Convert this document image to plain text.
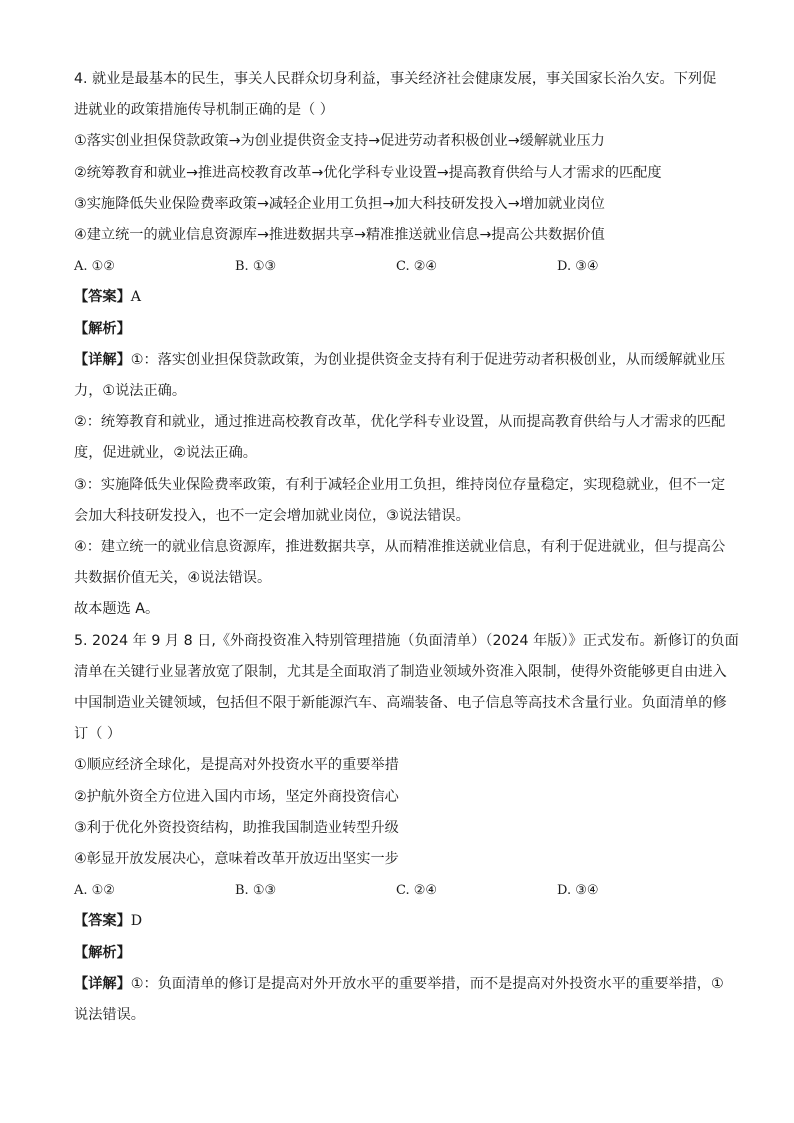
4. 就业是最基本的民生，事关人民群众切身利益，事关经济社会健康发展，事关国家长治久安。下列促

进就业的政策措施传导机制正确的是（ ）

①落实创业担保贷款政策→为创业提供资金支持→促进劳动者积极创业→缓解就业压力

②统筹教育和就业→推进高校教育改革→优化学科专业设置→提高教育供给与人才需求的匹配度

③实施降低失业保险费率政策→减轻企业用工负担→加大科技研发投入→增加就业岗位

④建立统一的就业信息资源库→推进数据共享→精准推送就业信息→提高公共数据价值

A. ①②	B. ①③	C. ②④	D. ③④

【答案】A

【解析】

【详解】①：落实创业担保贷款政策，为创业提供资金支持有利于促进劳动者积极创业，从而缓解就业压

力，①说法正确。

②：统筹教育和就业，通过推进高校教育改革，优化学科专业设置，从而提高教育供给与人才需求的匹配

度，促进就业，②说法正确。

③：实施降低失业保险费率政策，有利于减轻企业用工负担，维持岗位存量稳定，实现稳就业，但不一定

会加大科技研发投入，也不一定会增加就业岗位，③说法错误。

④：建立统一的就业信息资源库，推进数据共享，从而精准推送就业信息，有利于促进就业，但与提高公

共数据价值无关，④说法错误。

故本题选 A。

5. 2024 年 9 月 8 日,《外商投资准入特别管理措施（负面清单）（2024 年版）》正式发布。新修订的负面

清单在关键行业显著放宽了限制，尤其是全面取消了制造业领域外资准入限制，使得外资能够更自由进入

中国制造业关键领域，包括但不限于新能源汽车、高端装备、电子信息等高技术含量行业。负面清单的修

订（ ）

①顺应经济全球化，是提高对外投资水平的重要举措

②护航外资全方位进入国内市场，坚定外商投资信心

③利于优化外资投资结构，助推我国制造业转型升级

④彰显开放发展决心，意味着改革开放迈出坚实一步

A. ①②	B. ①③	C. ②④	D. ③④

【答案】D

【解析】

【详解】①：负面清单的修订是提高对外开放水平的重要举措，而不是提高对外投资水平的重要举措，①

说法错误。
